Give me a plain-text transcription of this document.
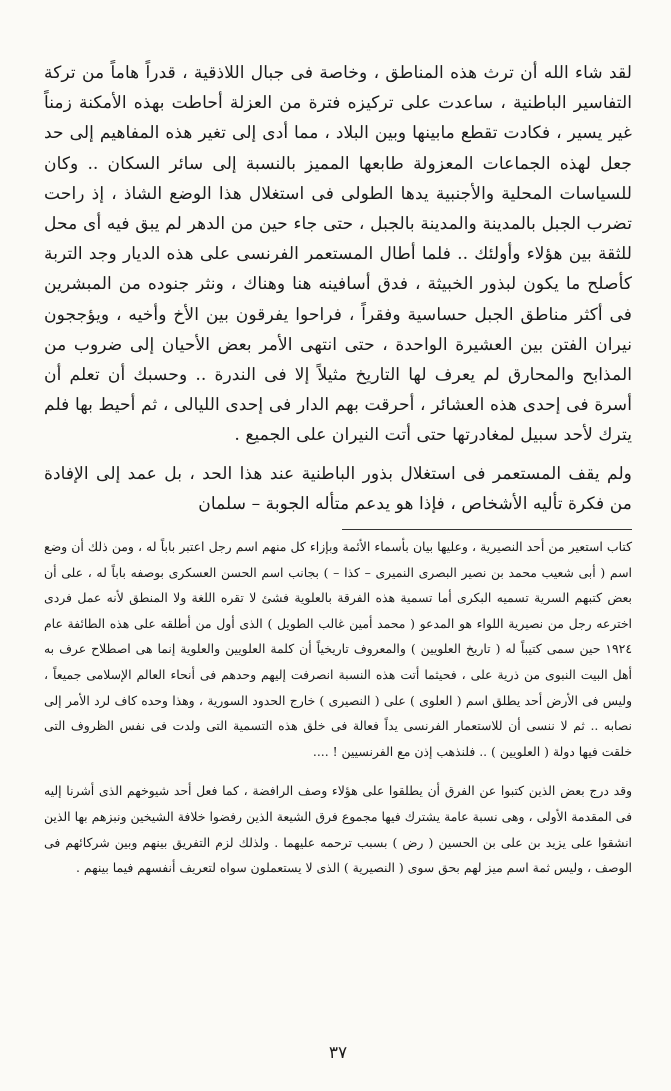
لقد شاء الله أن ترث هذه المناطق ، وخاصة فى جبال اللاذقية ، قدراً هاماً من تركة التفاسير الباطنية ، ساعدت على تركيزه فترة من العزلة أحاطت بهذه الأمكنة زمناً غير يسير ، فكادت تقطع مابينها وبين البلاد ، مما أدى إلى تغير هذه المفاهيم إلى حد جعل لهذه الجماعات المعزولة طابعها المميز بالنسبة إلى سائر السكان .. وكان للسياسات المحلية والأجنبية يدها الطولى فى استغلال هذا الوضع الشاذ ، إذ راحت تضرب الجبل بالمدينة والمدينة بالجبل ، حتى جاء حين من الدهر لم يبق فيه أى محل للثقة بين هؤلاء وأولئك .. فلما أطال المستعمر الفرنسى على هذه الديار وجد التربة كأصلح ما يكون لبذور الخبيثة ، فدق أسافينه هنا وهناك ، ونثر جنوده من المبشرين فى أكثر مناطق الجبل حساسية وفقراً ، فراحوا يفرقون بين الأخ وأخيه ، ويؤججون نيران الفتن بين العشيرة الواحدة ، حتى انتهى الأمر بعض الأحيان إلى ضروب من المذابح والمحارق لم يعرف لها التاريخ مثيلاً إلا فى الندرة .. وحسبك أن تعلم أن أسرة فى إحدى هذه العشائر ، أحرقت بهم الدار فى إحدى الليالى ، ثم أحيط بها فلم يترك لأحد سبيل لمغادرتها حتى أتت النيران على الجميع .

ولم يقف المستعمر فى استغلال بذور الباطنية عند هذا الحد ، بل عمد إلى الإفادة من فكرة تأليه الأشخاص ، فإذا هو يدعم متأله الجوبة – سلمان

كتاب استعير من أحد النصيرية ، وعليها بيان بأسماء الأئمة وبإزاء كل منهم اسم رجل اعتبر باباً له ، ومن ذلك أن وضع اسم ( أبى شعيب محمد بن نصير البصرى النميرى – كذا – ) بجانب اسم الحسن العسكرى بوصفه باباً له ، على أن بعض كتبهم السرية تسميه البكرى أما تسمية هذه الفرقة بالعلوية فشئ لا تقره اللغة ولا المنطق لأنه عمل فردى اخترعه رجل من نصيرية اللواء هو المدعو ( محمد أمين غالب الطويل ) الذى أول من أطلقه على هذه الطائفة عام ١٩٢٤ حين سمى كتيباً له ( تاريخ العلويين ) والمعروف تاريخياً أن كلمة العلويين والعلوية إنما هى اصطلاح عرف به أهل البيت النبوى من ذرية على ، فحيثما أتت هذه النسبة انصرفت إليهم وحدهم فى أنحاء العالم الإسلامى جميعاً ، وليس فى الأرض أحد يطلق اسم ( العلوى ) على ( النصيرى ) خارج الحدود السورية ، وهذا وحده كاف لرد الأمر إلى نصابه .. ثم لا ننسى أن للاستعمار الفرنسى يداً فعالة فى خلق هذه التسمية التى ولدت فى نفس الظروف التى خلقت فيها دولة ( العلويين ) .. فلنذهب إذن مع الفرنسيين ! ....

وقد درج بعض الذين كتبوا عن الفرق أن يطلقوا على هؤلاء وصف الرافضة ، كما فعل أحد شيوخهم الذى أشرنا إليه فى المقدمة الأولى ، وهى نسبة عامة يشترك فيها مجموع فرق الشيعة الذين رفضوا خلافة الشيخين ونبزهم بها الذين انشقوا على يزيد بن على بن الحسين ( رض ) بسبب ترحمه عليهما . ولذلك لزم التفريق بينهم وبين شركائهم فى الوصف ، وليس ثمة اسم ميز لهم بحق سوى ( النصيرية ) الذى لا يستعملون سواه لتعريف أنفسهم فيما بينهم .

٣٧
